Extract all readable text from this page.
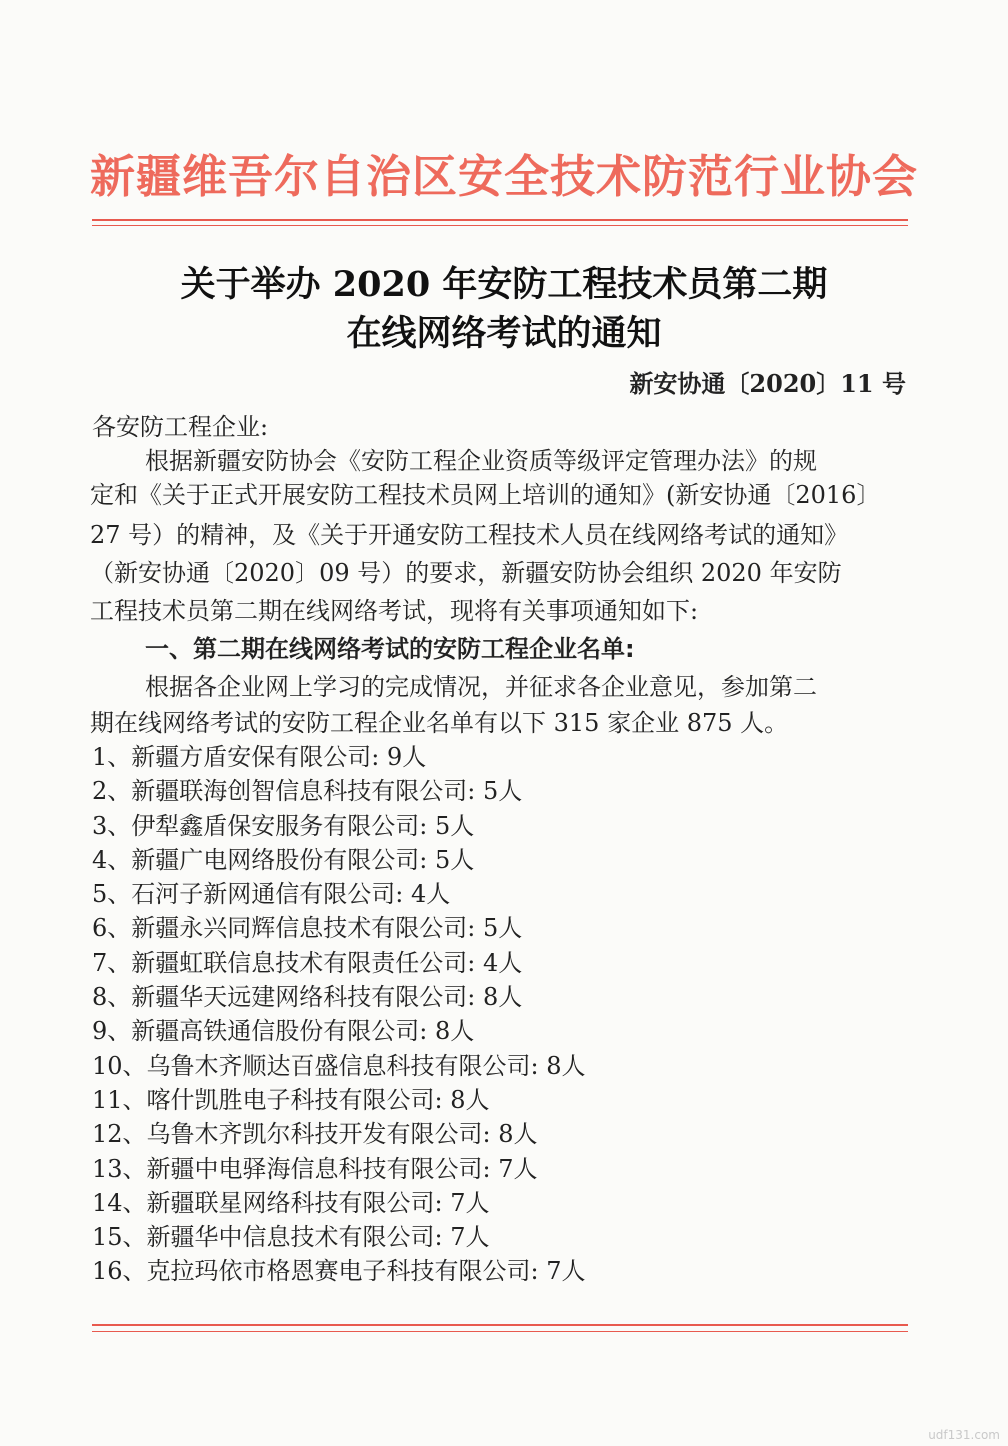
新疆维吾尔自治区安全技术防范行业协会
关于举办 2020 年安防工程技术员第二期
在线网络考试的通知
新安协通〔2020〕11 号
各安防工程企业:
根据新疆安防协会《安防工程企业资质等级评定管理办法》的规
定和《关于正式开展安防工程技术员网上培训的通知》(新安协通〔2016〕
27 号）的精神，及《关于开通安防工程技术人员在线网络考试的通知》
（新安协通〔2020〕09 号）的要求，新疆安防协会组织 2020 年安防
工程技术员第二期在线网络考试，现将有关事项通知如下:
一、第二期在线网络考试的安防工程企业名单:
根据各企业网上学习的完成情况，并征求各企业意见，参加第二
期在线网络考试的安防工程企业名单有以下 315 家企业 875 人。
1、新疆方盾安保有限公司: 9人
2、新疆联海创智信息科技有限公司: 5人
3、伊犁鑫盾保安服务有限公司: 5人
4、新疆广电网络股份有限公司: 5人
5、石河子新网通信有限公司: 4人
6、新疆永兴同辉信息技术有限公司: 5人
7、新疆虹联信息技术有限责任公司: 4人
8、新疆华天远建网络科技有限公司: 8人
9、新疆高铁通信股份有限公司: 8人
10、乌鲁木齐顺达百盛信息科技有限公司: 8人
11、喀什凯胜电子科技有限公司: 8人
12、乌鲁木齐凯尔科技开发有限公司: 8人
13、新疆中电驿海信息科技有限公司: 7人
14、新疆联星网络科技有限公司: 7人
15、新疆华中信息技术有限公司: 7人
16、克拉玛依市格恩赛电子科技有限公司: 7人
udf131.com
